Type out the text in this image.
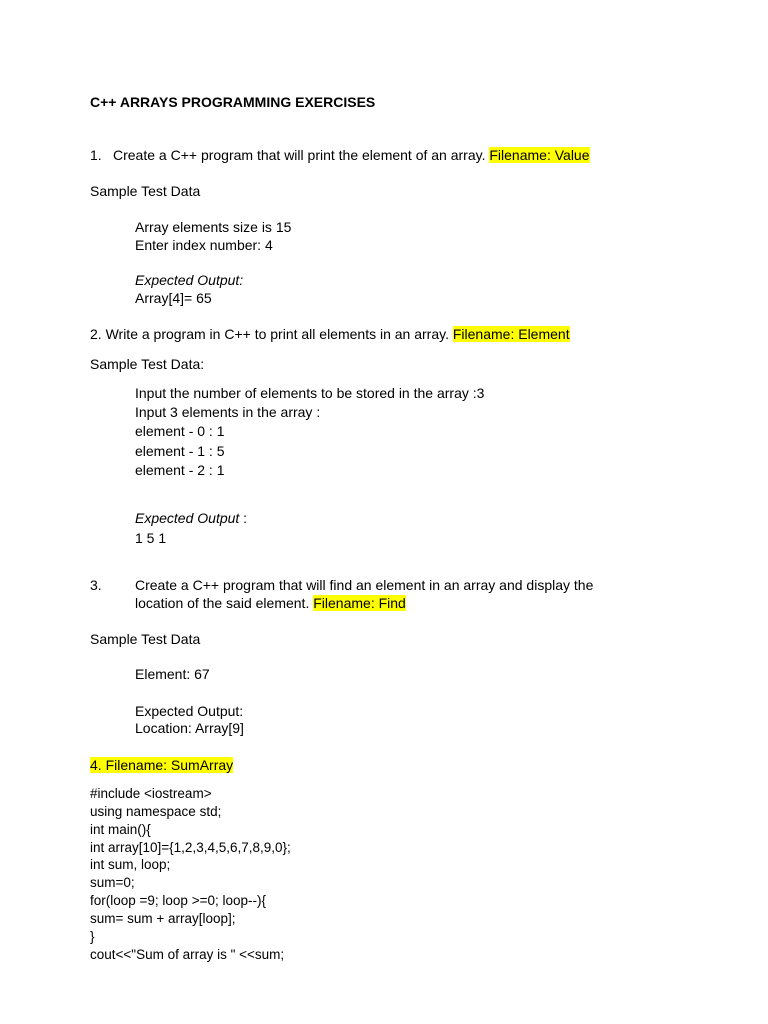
C++ ARRAYS PROGRAMMING EXERCISES
1. Create a C++ program that will print the element of an array. Filename: Value
Sample Test Data
Array elements size is 15
Enter index number: 4
Expected Output:
Array[4]= 65
2. Write a program in C++ to print all elements in an array. Filename: Element
Sample Test Data:
Input the number of elements to be stored in the array :3
Input 3 elements in the array :
element - 0 : 1
element - 1 : 5
element - 2 : 1
Expected Output :
1 5 1
3. Create a C++ program that will find an element in an array and display the
location of the said element. Filename: Find
Sample Test Data
Element: 67
Expected Output:
Location: Array[9]
4. Filename: SumArray
#include <iostream>
using namespace std;
int main(){
int array[10]={1,2,3,4,5,6,7,8,9,0};
int sum, loop;
sum=0;
for(loop =9; loop >=0; loop--){
sum= sum + array[loop];
}
cout<<"Sum of array is " <<sum;
